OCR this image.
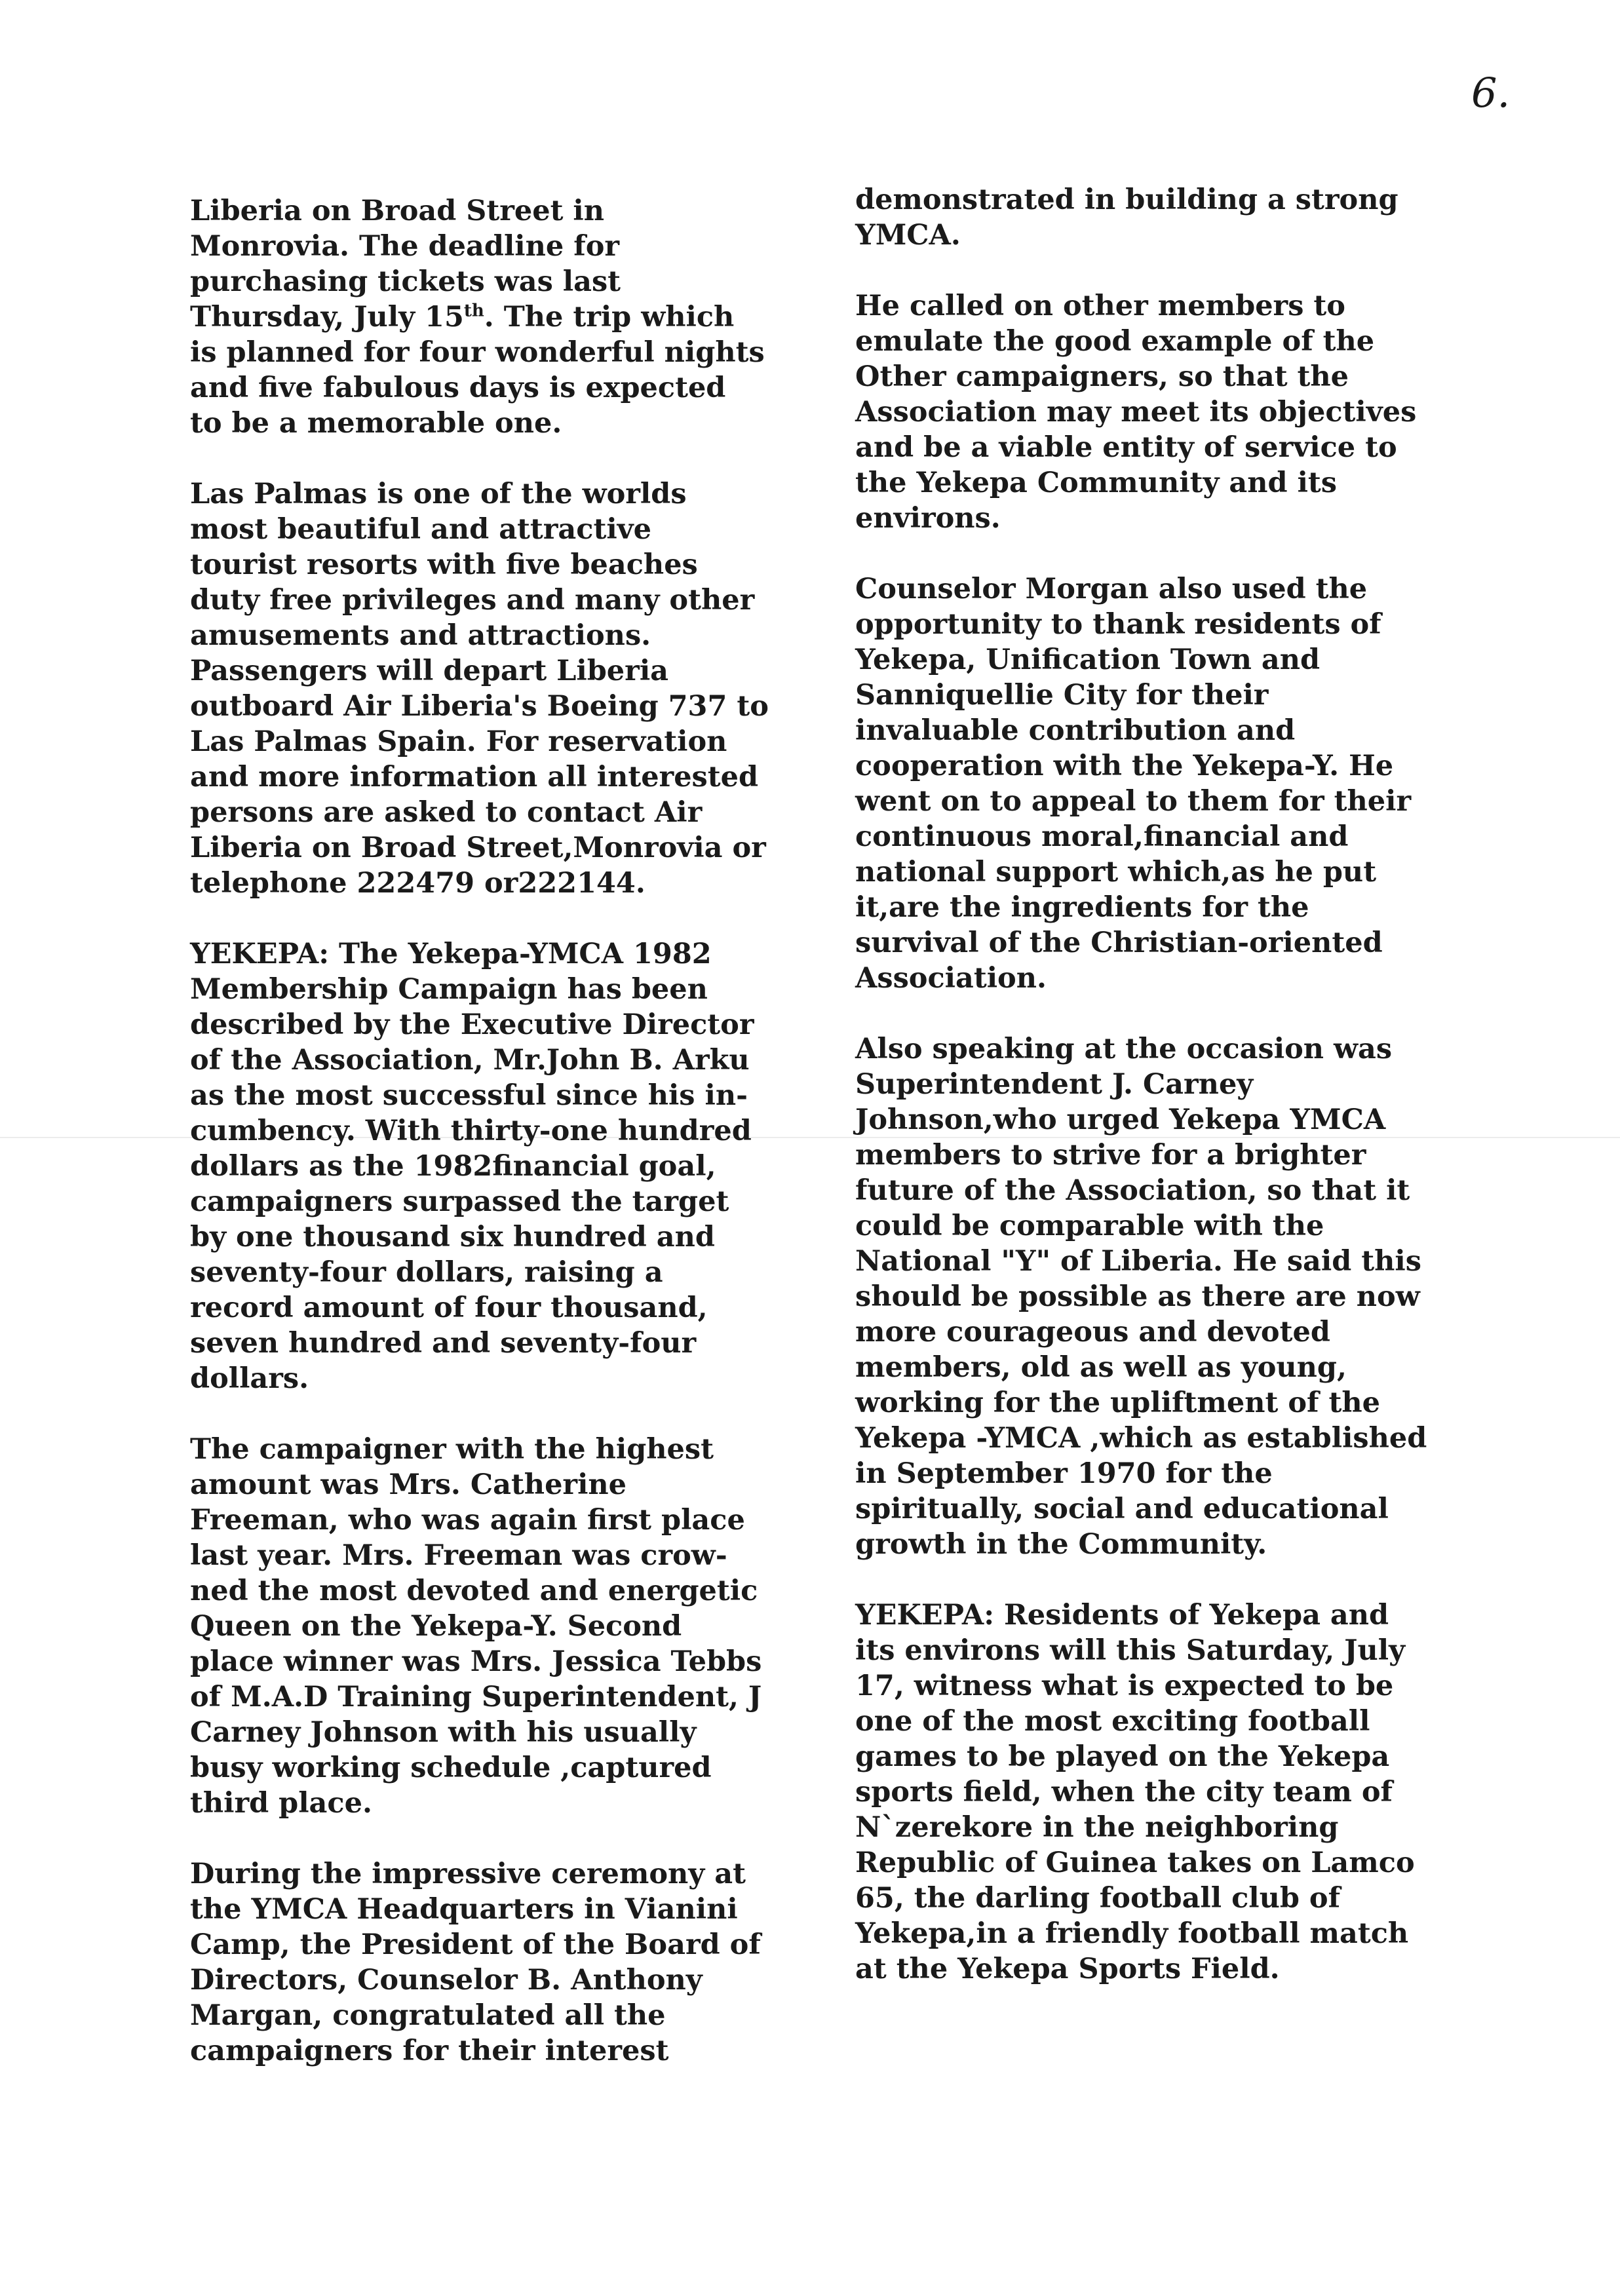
6.
Liberia on Broad Street in
Monrovia. The deadline for
purchasing tickets was last
Thursday, July 15th. The trip which
is planned for four wonderful nights
and five fabulous days is expected
to be a memorable one.
Las Palmas is one of the worlds
most beautiful and attractive
tourist resorts with five beaches
duty free privileges and many other
amusements and attractions.
Passengers will depart Liberia
outboard Air Liberia's Boeing 737 to
Las Palmas Spain. For reservation
and more information all interested
persons are asked to contact Air
Liberia on Broad Street,Monrovia or
telephone 222479 or222144.
YEKEPA: The Yekepa-YMCA 1982
Membership Campaign has been
described by the Executive Director
of the Association, Mr.John B. Arku
as the most successful since his in-
cumbency. With thirty-one hundred
dollars as the 1982financial goal,
campaigners surpassed the target
by one thousand six hundred and
seventy-four dollars, raising a
record amount of four thousand,
seven hundred and seventy-four
dollars.
The campaigner with the highest
amount was Mrs. Catherine
Freeman, who was again first place
last year. Mrs. Freeman was crow-
ned the most devoted and energetic
Queen on the Yekepa-Y. Second
place winner was Mrs. Jessica Tebbs
of M.A.D Training Superintendent, J
Carney Johnson with his usually
busy working schedule ,captured
third place.
During the impressive ceremony at
the YMCA Headquarters in Vianini
Camp, the President of the Board of
Directors, Counselor B. Anthony
Margan, congratulated all the
campaigners for their interest
demonstrated in building a strong
YMCA.
He called on other members to
emulate the good example of the
Other campaigners, so that the
Association may meet its objectives
and be a viable entity of service to
the Yekepa Community and its
environs.
Counselor Morgan also used the
opportunity to thank residents of
Yekepa, Unification Town and
Sanniquellie City for their
invaluable contribution and
cooperation with the Yekepa-Y. He
went on to appeal to them for their
continuous moral,financial and
national support which,as he put
it,are the ingredients for the
survival of the Christian-oriented
Association.
Also speaking at the occasion was
Superintendent J. Carney
Johnson,who urged Yekepa YMCA
members to strive for a brighter
future of the Association, so that it
could be comparable with the
National "Y" of Liberia. He said this
should be possible as there are now
more courageous and devoted
members, old as well as young,
working for the upliftment of the
Yekepa -YMCA ,which as established
in September 1970 for the
spiritually, social and educational
growth in the Community.
YEKEPA: Residents of Yekepa and
its environs will this Saturday, July
17, witness what is expected to be
one of the most exciting football
games to be played on the Yekepa
sports field, when the city team of
N`zerekore in the neighboring
Republic of Guinea takes on Lamco
65, the darling football club of
Yekepa,in a friendly football match
at the Yekepa Sports Field.
